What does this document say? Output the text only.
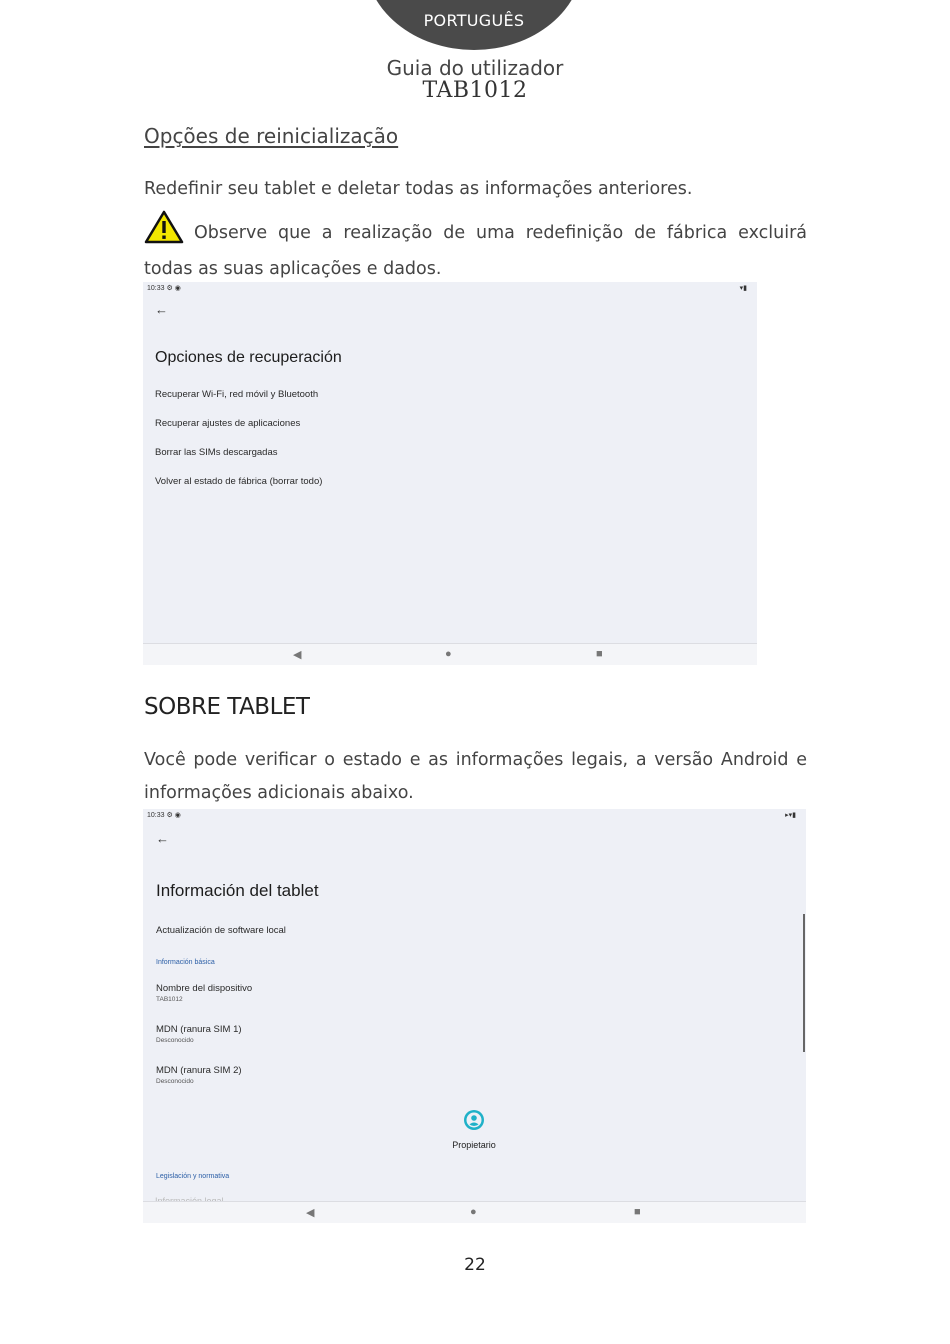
PORTUGUÊS
Guia do utilizador
TAB1012
Opções de reinicialização
Redefinir seu tablet e deletar todas as informações anteriores.
Observe que a realização de uma redefinição de fábrica excluirá todas as suas aplicações e dados.
10:33 ⚙ ◉	▾▮
←
Opciones de recuperación
Recuperar Wi-Fi, red móvil y Bluetooth
Recuperar ajustes de aplicaciones
Borrar las SIMs descargadas
Volver al estado de fábrica (borrar todo)
◀	●	■
SOBRE TABLET
Você pode verificar o estado e as informações legais, a versão Android e informações adicionais abaixo.
10:33 ⚙ ◉	▸▾▮
←
Información del tablet
Actualización de software local
Información básica
Nombre del dispositivo
TAB1012
MDN (ranura SIM 1)
Desconocido
MDN (ranura SIM 2)
Desconocido
Propietario
Legislación y normativa
◀	●	■
22
